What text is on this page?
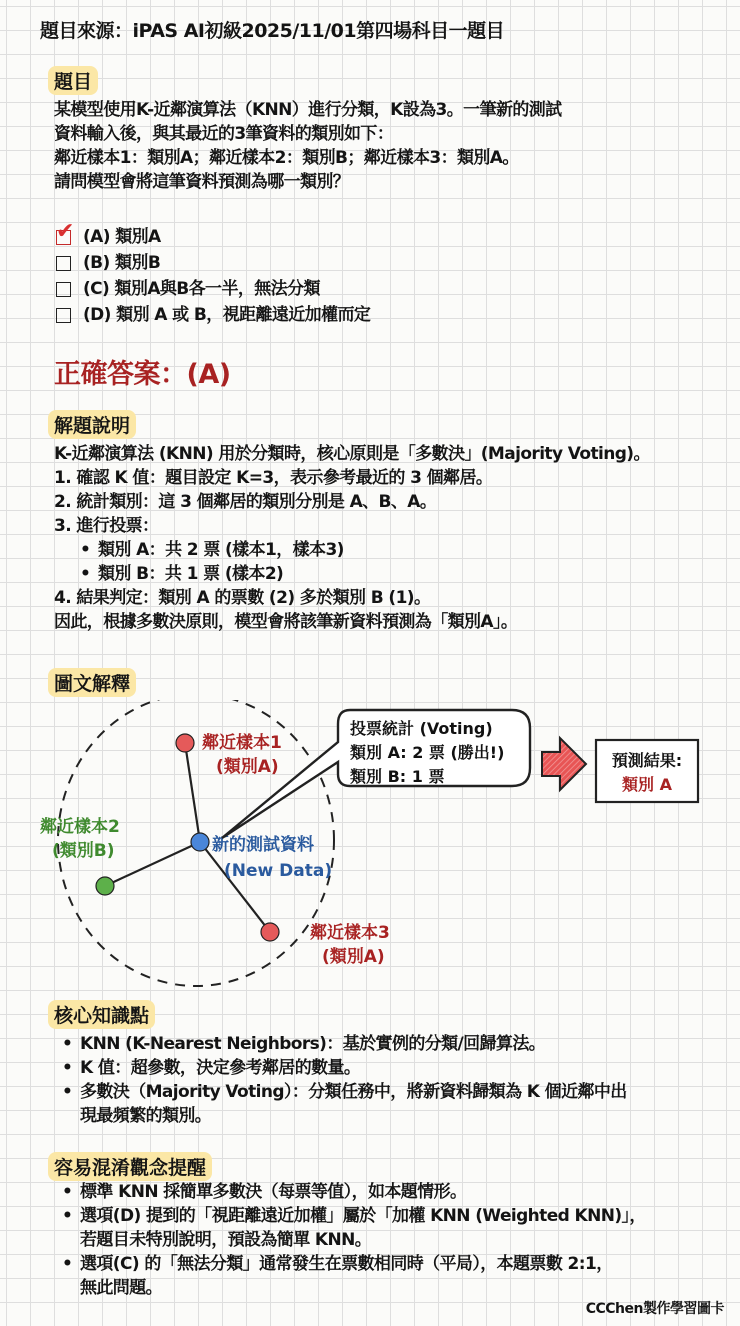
題目來源：iPAS AI初級2025/11/01第四場科目一題目
題目
某模型使用K-近鄰演算法（KNN）進行分類，K設為3。一筆新的測試
資料輸入後，與其最近的3筆資料的類別如下：
鄰近樣本1：類別A；鄰近樣本2：類別B；鄰近樣本3：類別A。
請問模型會將這筆資料預測為哪一類別？
✔ (A) 類別A
(B) 類別B
(C) 類別A與B各一半，無法分類
(D) 類別 A 或 B，視距離遠近加權而定
正確答案：(A)
解題說明
K-近鄰演算法 (KNN) 用於分類時，核心原則是「多數決」(Majority Voting)。
1. 確認 K 值：題目設定 K=3，表示參考最近的 3 個鄰居。
2. 統計類別：這 3 個鄰居的類別分別是 A、B、A。
3. 進行投票：
• 類別 A：共 2 票 (樣本1，樣本3)
• 類別 B：共 1 票 (樣本2)
4. 結果判定：類別 A 的票數 (2) 多於類別 B (1)。
因此，根據多數決原則，模型會將該筆新資料預測為「類別A」。
圖文解釋
鄰近樣本1
(類別A)
鄰近樣本2
(類別B)	新的測試資料
(New Data)
鄰近樣本3
(類別A)
投票統計 (Voting)
類別 A: 2 票 (勝出!)
類別 B: 1 票
預測結果:
類別 A
核心知識點
• KNN (K-Nearest Neighbors)：基於實例的分類/回歸算法。
• K 值：超參數，決定參考鄰居的數量。
• 多數決（Majority Voting）：分類任務中，將新資料歸類為 K 個近鄰中出
現最頻繁的類別。
容易混淆觀念提醒
• 標準 KNN 採簡單多數決（每票等值），如本題情形。
• 選項(D) 提到的「視距離遠近加權」屬於「加權 KNN (Weighted KNN)」，
若題目未特別說明，預設為簡單 KNN。
• 選項(C) 的「無法分類」通常發生在票數相同時（平局），本題票數 2:1，
無此問題。
CCChen製作學習圖卡
